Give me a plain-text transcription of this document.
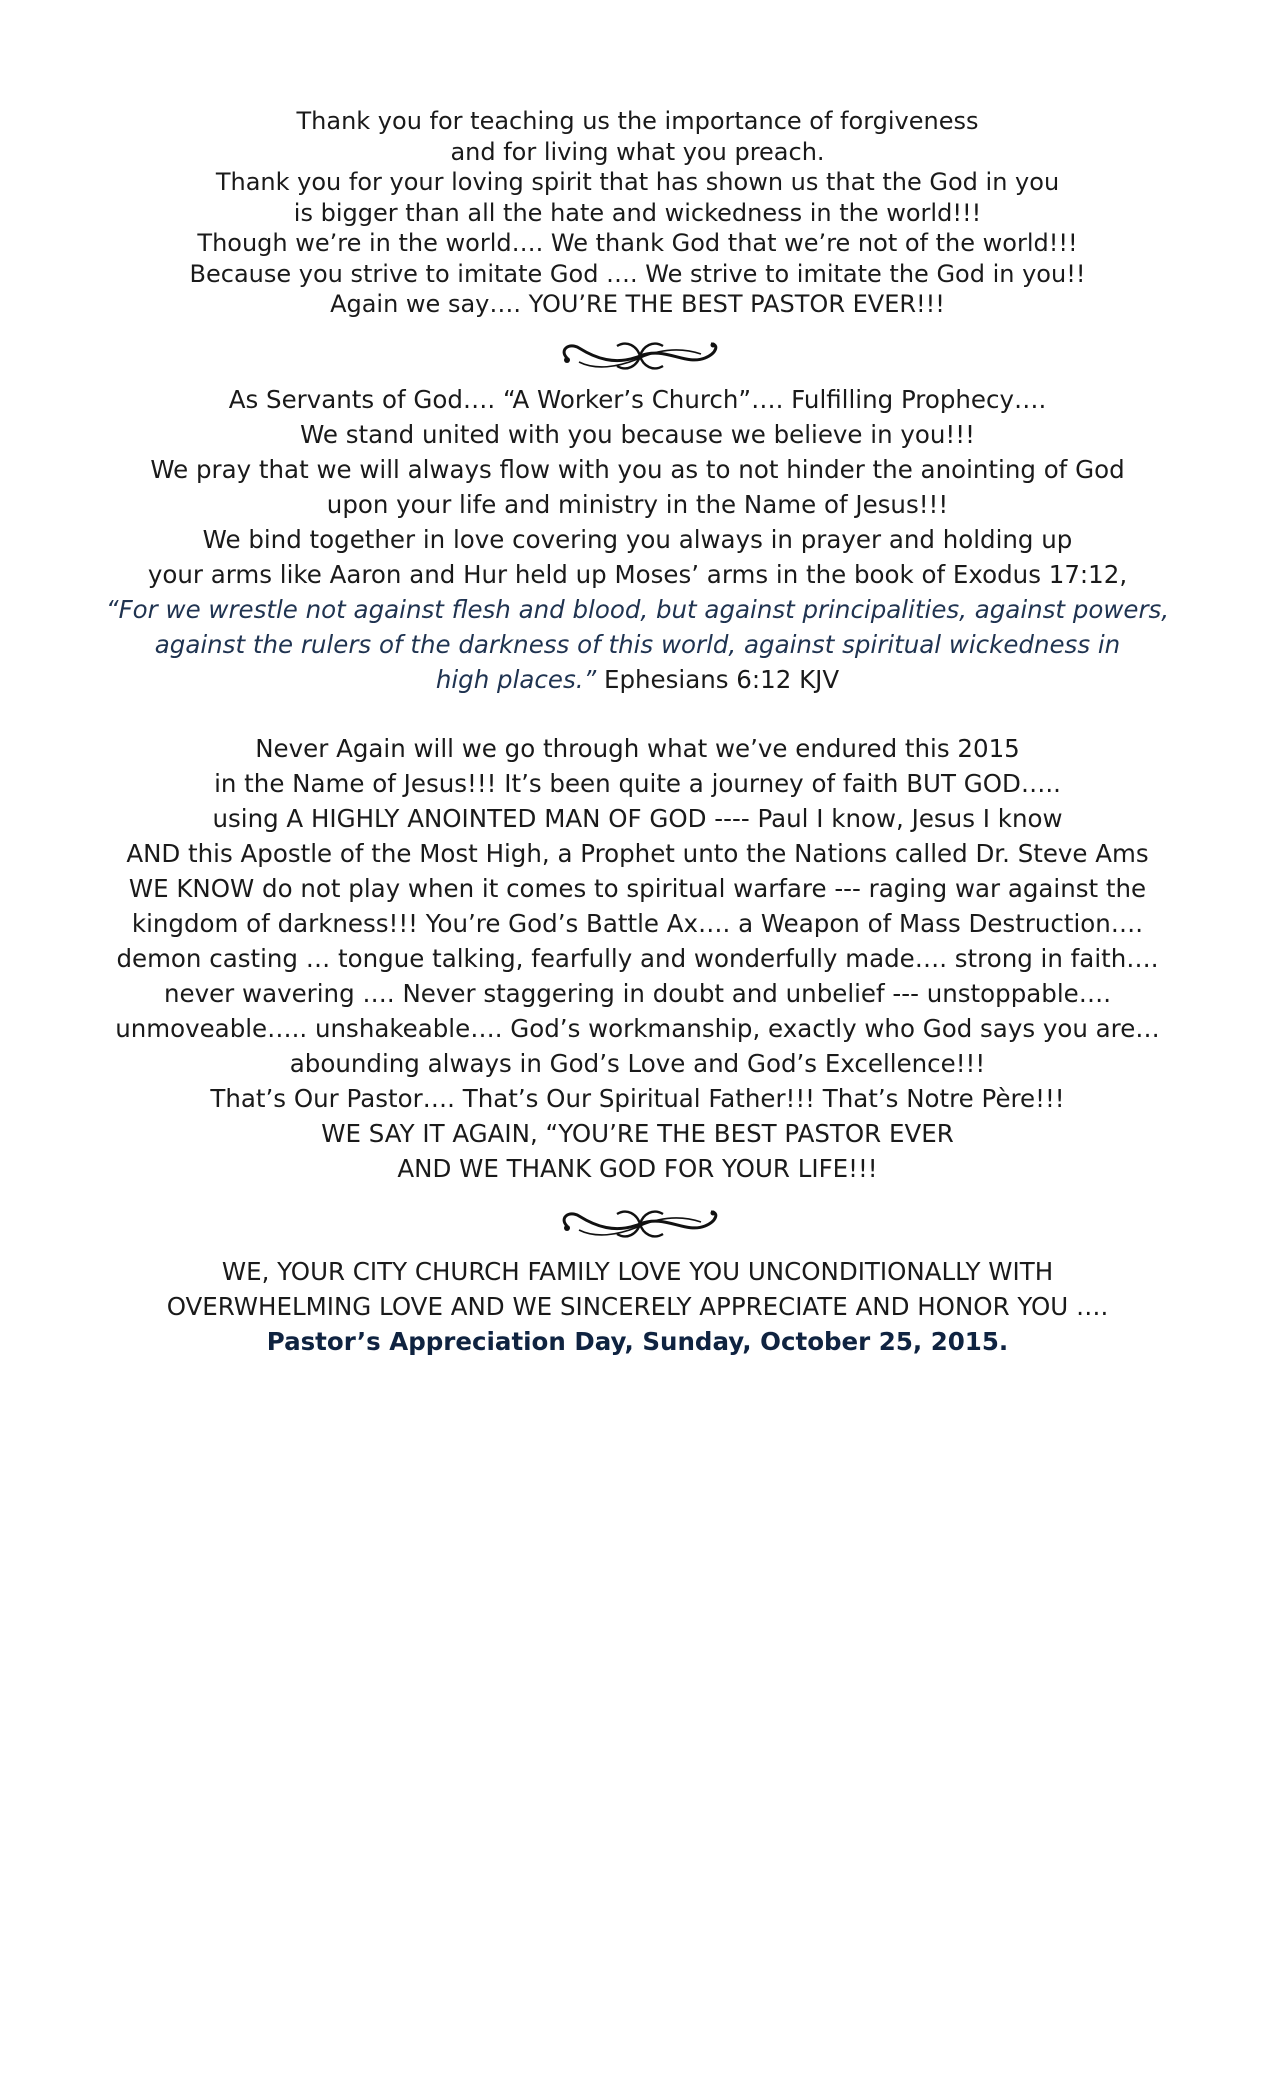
Thank you for teaching us the importance of forgiveness
and for living what you preach.
Thank you for your loving spirit that has shown us that the God in you
is bigger than all the hate and wickedness in the world!!!
Though we’re in the world…. We thank God that we’re not of the world!!!
Because you strive to imitate God …. We strive to imitate the God in you!!
Again we say…. YOU’RE THE BEST PASTOR EVER!!!
As Servants of God…. “A Worker’s Church”…. Fulfilling Prophecy….
We stand united with you because we believe in you!!!
We pray that we will always flow with you as to not hinder the anointing of God
upon your life and ministry in the Name of Jesus!!!
We bind together in love covering you always in prayer and holding up
your arms like Aaron and Hur held up Moses’ arms in the book of Exodus 17:12,
“For we wrestle not against flesh and blood, but against principalities, against powers,
against the rulers of the darkness of this world, against spiritual wickedness in
high places.” Ephesians 6:12 KJV
Never Again will we go through what we’ve endured this 2015
in the Name of Jesus!!! It’s been quite a journey of faith BUT GOD…..
using A HIGHLY ANOINTED MAN OF GOD ---- Paul I know, Jesus I know
AND this Apostle of the Most High, a Prophet unto the Nations called Dr. Steve Ams
WE KNOW do not play when it comes to spiritual warfare --- raging war against the
kingdom of darkness!!! You’re God’s Battle Ax…. a Weapon of Mass Destruction….
demon casting … tongue talking, fearfully and wonderfully made…. strong in faith….
never wavering …. Never staggering in doubt and unbelief --- unstoppable….
unmoveable….. unshakeable…. God’s workmanship, exactly who God says you are…
abounding always in God’s Love and God’s Excellence!!!
That’s Our Pastor…. That’s Our Spiritual Father!!! That’s Notre Père!!!
WE SAY IT AGAIN, “YOU’RE THE BEST PASTOR EVER
AND WE THANK GOD FOR YOUR LIFE!!!
WE, YOUR CITY CHURCH FAMILY LOVE YOU UNCONDITIONALLY WITH
OVERWHELMING LOVE AND WE SINCERELY APPRECIATE AND HONOR YOU ….
Pastor’s Appreciation Day, Sunday, October 25, 2015.
